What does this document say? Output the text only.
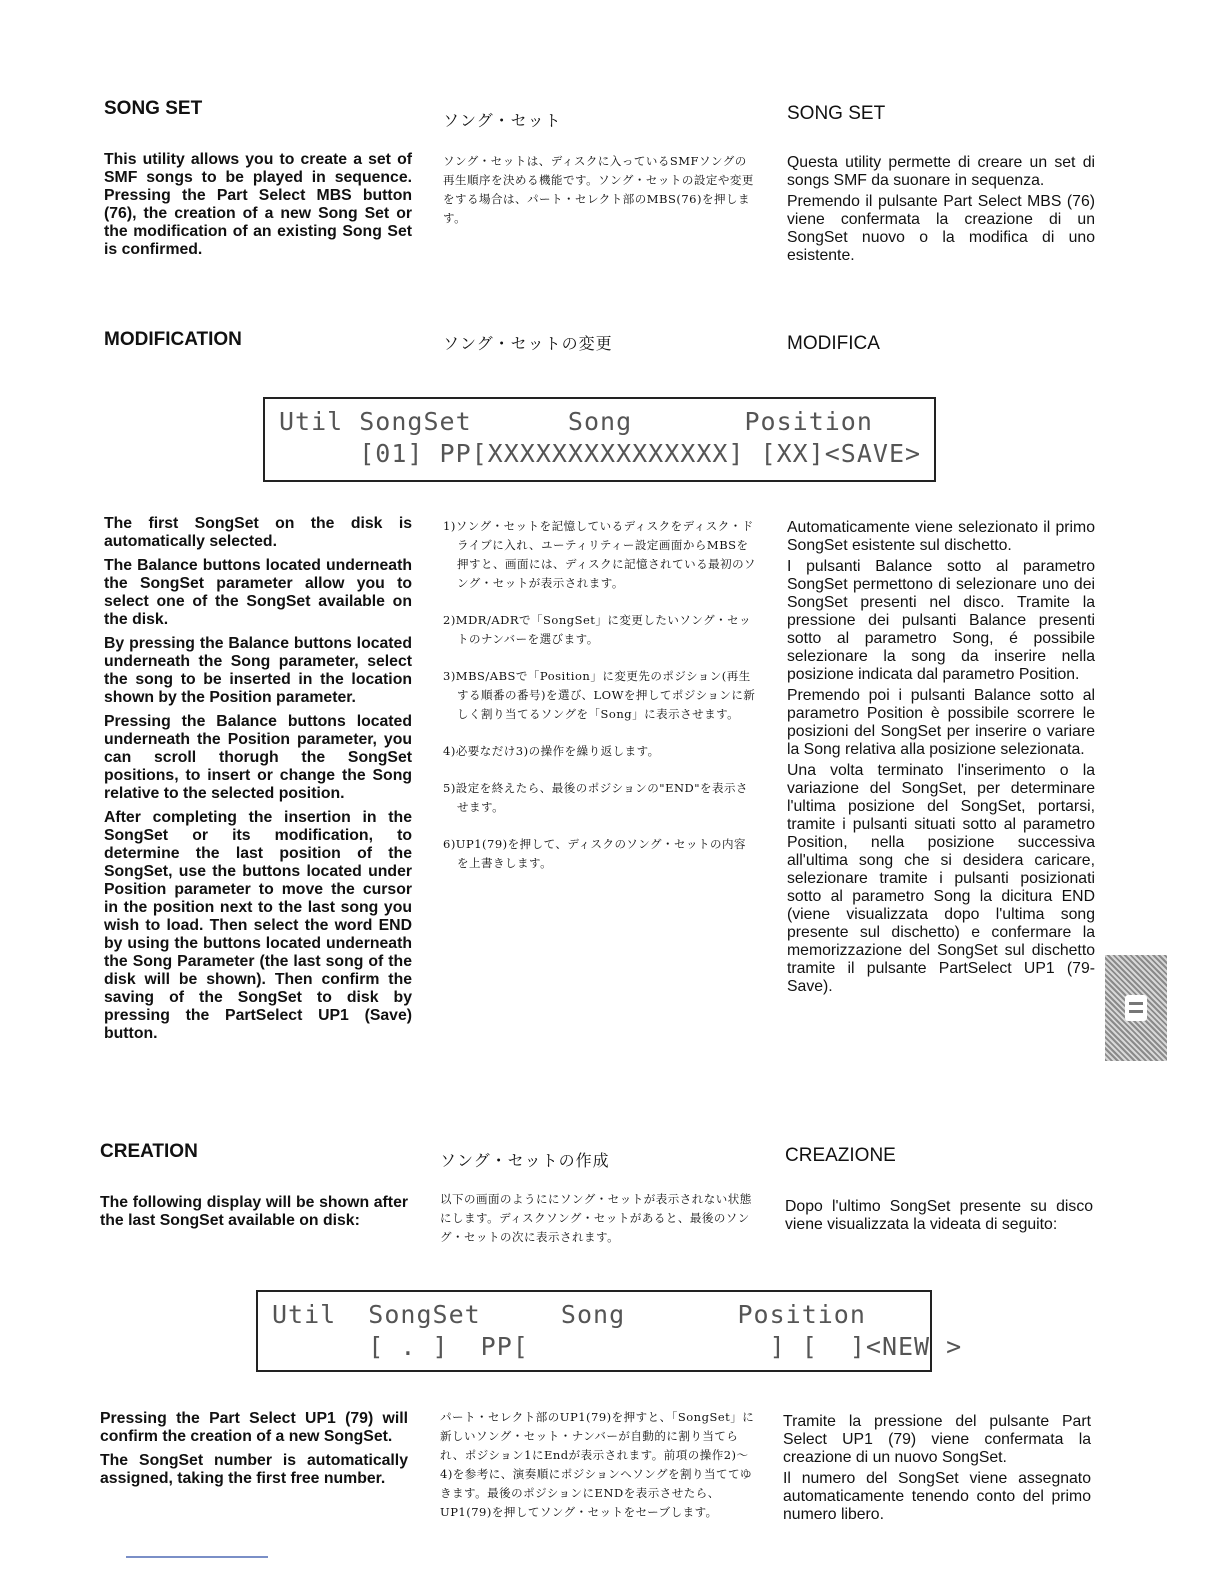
SONG SET
ソング・セット	SONG SET

This utility allows you to create a set of SMF songs to be played in sequence. Pressing the Part Select MBS button (76), the creation of a new Song Set or the modification of an existing Song Set is confirmed.

ソング・セットは、ディスクに入っているSMFソングの再生順序を決める機能です。ソング・セットの設定や変更をする場合は、パート・セレクト部のMBS(76)を押します。

Questa utility permette di creare un set di songs SMF da suonare in sequenza.

Premendo il pulsante Part Select MBS (76) viene confermata la creazione di un SongSet nuovo o la modifica di uno esistente.

MODIFICATION	ソング・セットの変更	MODIFICA
Util SongSet      Song       Position
[01] PP[XXXXXXXXXXXXXXX] [XX]<SAVE>

The first SongSet on the disk is automatically selected.

The Balance buttons located underneath the SongSet parameter allow you to select one of the SongSet available on the disk.

By pressing the Balance buttons located underneath the Song parameter, select the song to be inserted in the location shown by the Position parameter.

Pressing the Balance buttons located underneath the Position parameter, you can scroll thorugh the SongSet positions, to insert or change the Song relative to the selected position.

After completing the insertion in the SongSet or its modification, to determine the last position of the SongSet, use the buttons located under Position parameter to move the cursor in the position next to the last song you wish to load. Then select the word END by using the buttons located underneath the Song Parameter (the last song of the disk will be shown). Then confirm the saving of the SongSet to disk by pressing the PartSelect UP1 (Save) button.

1)ソング・セットを記憶しているディスクをディスク・ドライブに入れ、ユーティリティー設定画面からMBSを押すと、画面には、ディスクに記憶されている最初のソング・セットが表示されます。

2)MDR/ADRで「SongSet」に変更したいソング・セットのナンバーを選びます。

3)MBS/ABSで「Position」に変更先のポジション(再生する順番の番号)を選び、LOWを押してポジションに新しく割り当てるソングを「Song」に表示させます。

4)必要なだけ3)の操作を繰り返します。

5)設定を終えたら、最後のポジションの"END"を表示させます。

6)UP1(79)を押して、ディスクのソング・セットの内容を上書きします。

Automaticamente viene selezionato il primo SongSet esistente sul dischetto.

I pulsanti Balance sotto al parametro SongSet permettono di selezionare uno dei SongSet presenti nel disco. Tramite la pressione dei pulsanti Balance presenti sotto al parametro Song, é possibile selezionare la song da inserire nella posizione indicata dal parametro Position.

Premendo poi i pulsanti Balance sotto al parametro Position è possibile scorrere le posizioni del SongSet per inserire o variare la Song relativa alla posizione selezionata.

Una volta terminato l'inserimento o la variazione del SongSet, per determinare l'ultima posizione del SongSet, portarsi, tramite i pulsanti situati sotto al parametro Position, nella posizione successiva all'ultima song che si desidera caricare, selezionare tramite i pulsanti posizionati sotto al parametro Song la dicitura END (viene visualizzata dopo l'ultima song presente sul dischetto) e confermare la memorizzazione del SongSet sul dischetto tramite il pulsante PartSelect UP1 (79-Save).

CREATION	ソング・セットの作成	CREAZIONE

The following display will be shown after the last SongSet available on disk:

以下の画面のようににソング・セットが表示されない状態にします。ディスクソング・セットがあると、最後のソング・セットの次に表示されます。

Dopo l'ultimo SongSet presente su disco viene visualizzata la videata di seguito:

Util  SongSet     Song       Position
[ . ]  PP[               ] [  ]<NEW >

Pressing the Part Select UP1 (79) will confirm the creation of a new SongSet.

The SongSet number is automatically assigned, taking the first free number.

パート・セレクト部のUP1(79)を押すと、「SongSet」に新しいソング・セット・ナンバーが自動的に割り当てられ、ポジション1にEndが表示されます。前項の操作2)〜4)を参考に、演奏順にポジションへソングを割り当ててゆきます。最後のポジションにENDを表示させたら、UP1(79)を押してソング・セットをセーブします。

Tramite la pressione del pulsante Part Select UP1 (79) viene confermata la creazione di un nuovo SongSet.

Il numero del SongSet viene assegnato automaticamente tenendo conto del primo numero libero.
